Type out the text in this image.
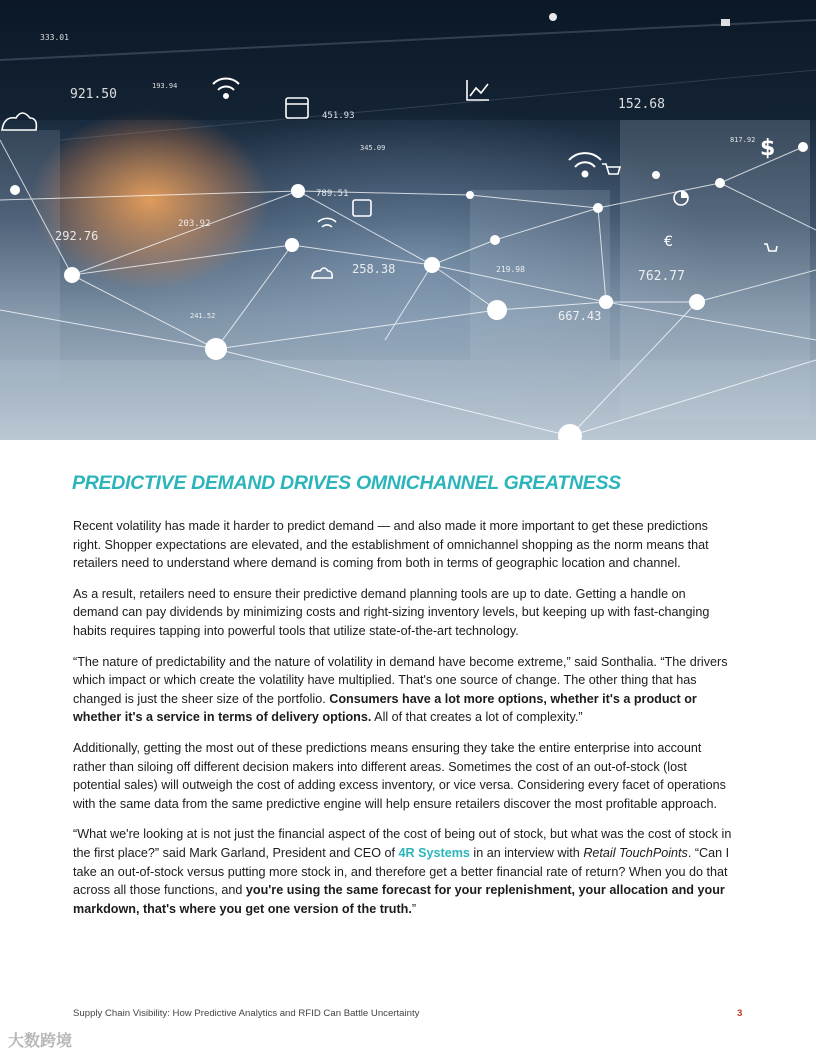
$
€
921.50
333.01
193.94
451.93
152.68
817.92
789.51
292.76
203.92
258.38	219.98	762.77
667.43
241.52
345.09
PREDICTIVE DEMAND DRIVES OMNICHANNEL GREATNESS

Recent volatility has made it harder to predict demand — and also made it more important to get these predictions right. Shopper expectations are elevated, and the establishment of omnichannel shopping as the norm means that retailers need to understand where demand is coming from both in terms of geographic location and channel.

As a result, retailers need to ensure their predictive demand planning tools are up to date. Getting a handle on demand can pay dividends by minimizing costs and right-sizing inventory levels, but keeping up with fast-changing habits requires tapping into powerful tools that utilize state-of-the-art technology.

“The nature of predictability and the nature of volatility in demand have become extreme,” said Sonthalia. “The drivers which impact or which create the volatility have multiplied. That's one source of change. The other thing that has changed is just the sheer size of the portfolio. Consumers have a lot more options, whether it's a product or whether it's a service in terms of delivery options. All of that creates a lot of complexity.”

Additionally, getting the most out of these predictions means ensuring they take the entire enterprise into account rather than siloing off different decision makers into different areas. Sometimes the cost of an out-of-stock (lost potential sales) will outweigh the cost of adding excess inventory, or vice versa. Considering every facet of operations with the same data from the same predictive engine will help ensure retailers discover the most profitable approach.

“What we're looking at is not just the financial aspect of the cost of being out of stock, but what was the cost of stock in the first place?” said Mark Garland, President and CEO of 4R Systems in an interview with Retail TouchPoints. “Can I take an out-of-stock versus putting more stock in, and therefore get a better financial rate of return? When you do that across all those functions, and you're using the same forecast for your replenishment, your allocation and your markdown, that's where you get one version of the truth.”

Supply Chain Visibility: How Predictive Analytics and RFID Can Battle Uncertainty	3
大数跨境
